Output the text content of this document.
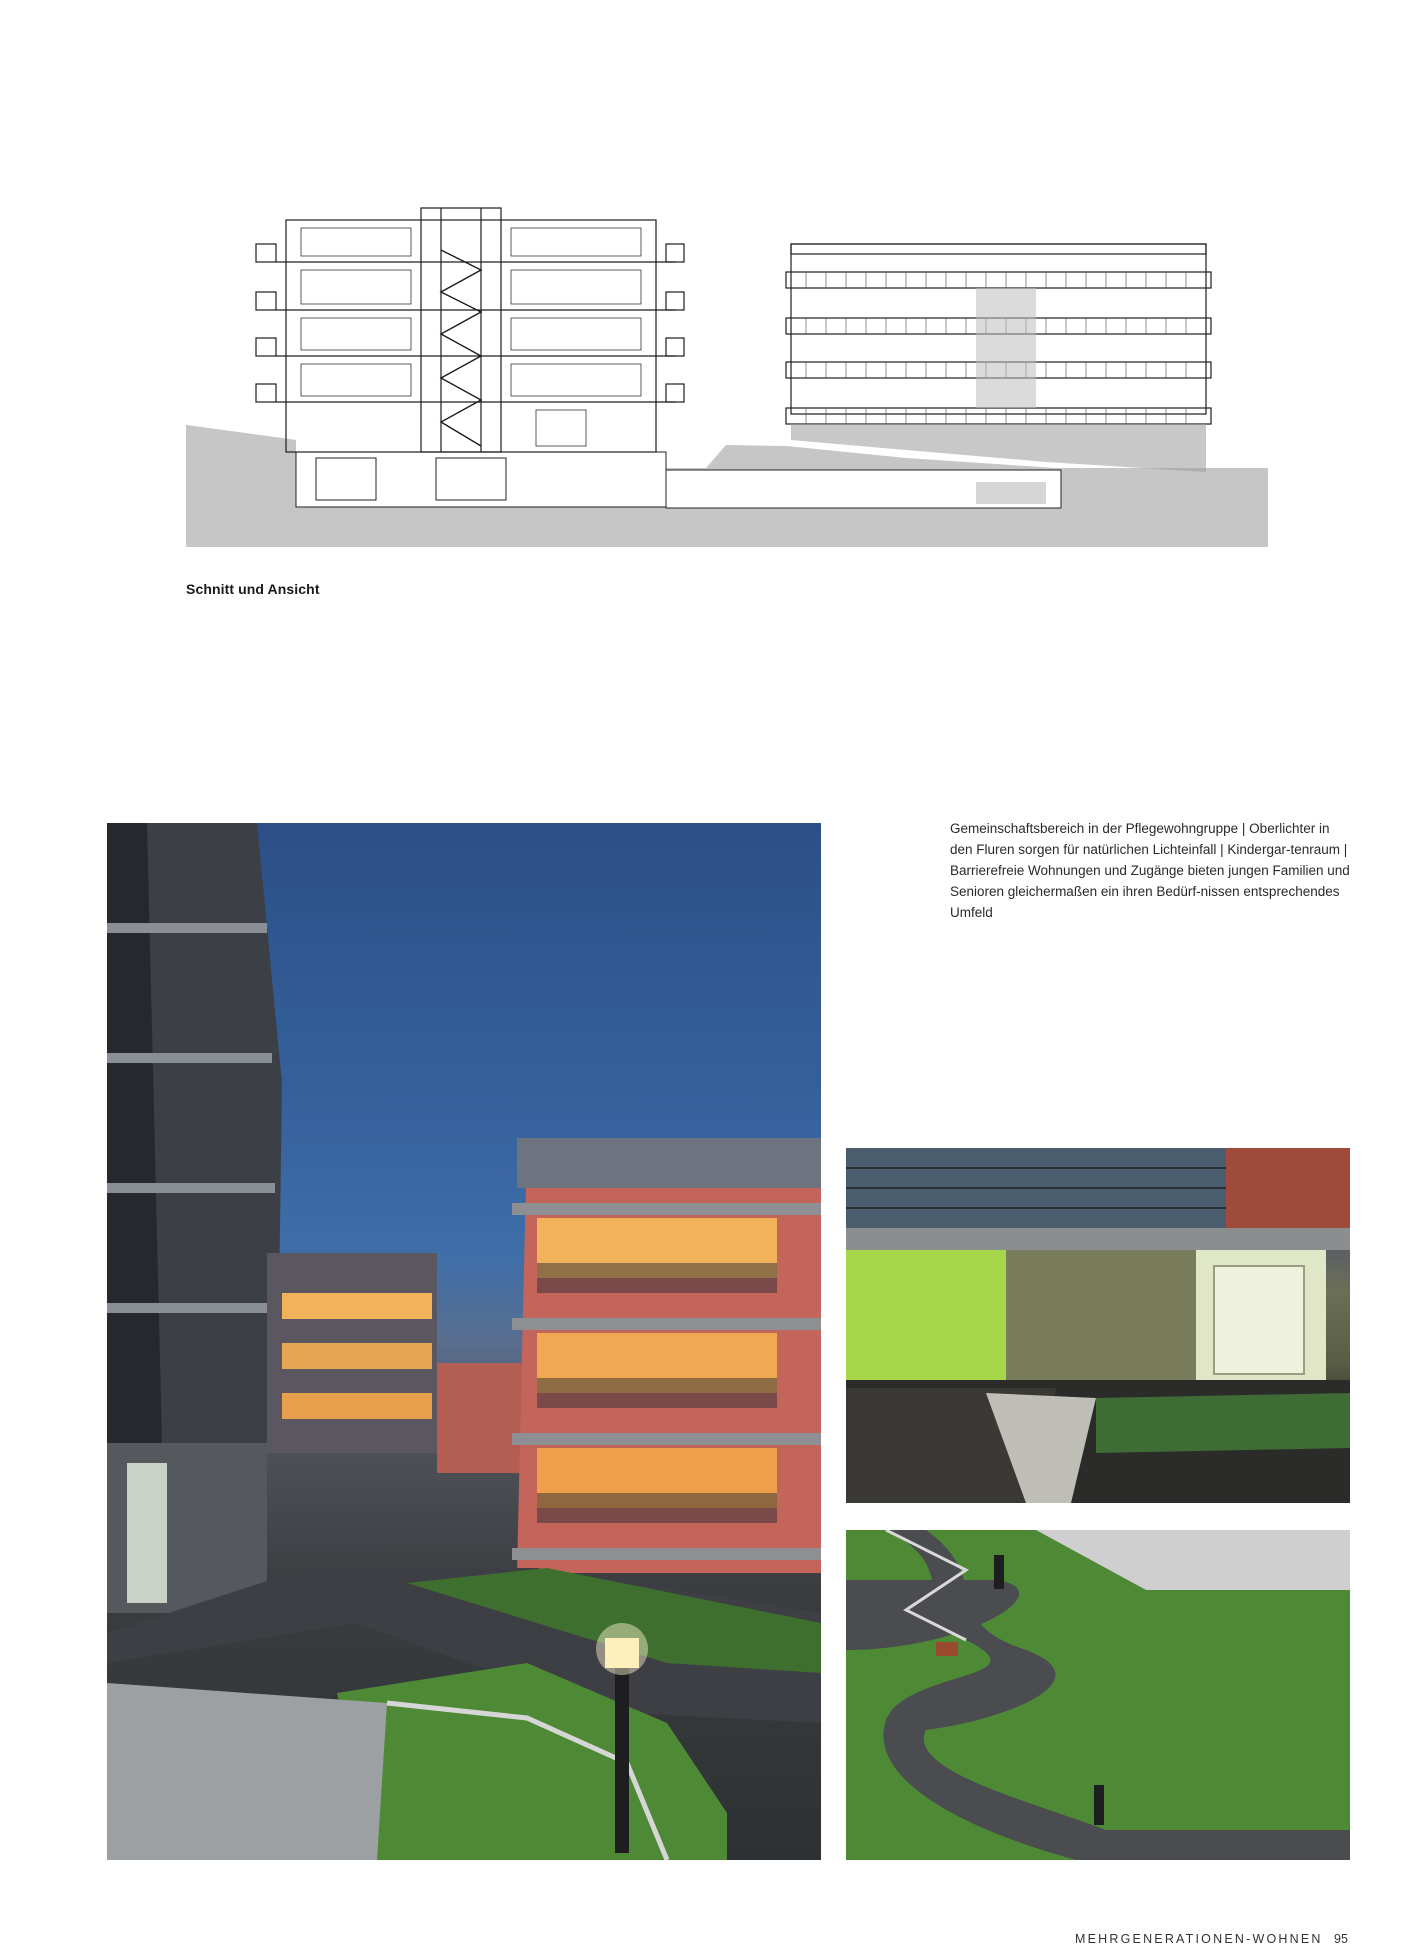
Schnitt und Ansicht
Gemeinschaftsbereich in der Pflegewohngruppe | Oberlichter in den Fluren sorgen für natürlichen Lichteinfall | Kindergar-tenraum | Barrierefreie Wohnungen und Zugänge bieten jungen Familien und Senioren gleichermaßen ein ihren Bedürf-nissen entsprechendes Umfeld
MEHRGENERATIONEN-WOHNEN 95
